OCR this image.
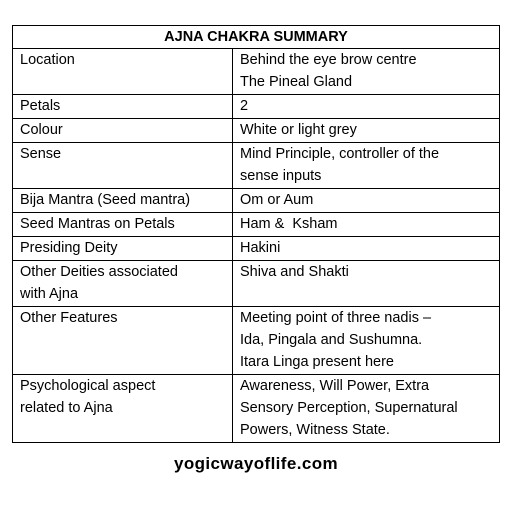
AJNA CHAKRA SUMMARY	

Location	Behind the eye brow centre
The Pineal Gland

Petals	2

Colour	White or light grey

Sense	Mind Principle, controller of the
sense inputs

Bija Mantra (Seed mantra)	Om or Aum

Seed Mantras on Petals	Ham &  Ksham

Presiding Deity	Hakini

Other Deities associated
with Ajna	Shiva and Shakti

Other Features	Meeting point of three nadis –
Ida, Pingala and Sushumna.
Itara Linga present here

Psychological aspect
related to Ajna	Awareness, Will Power, Extra
Sensory Perception, Supernatural
Powers, Witness State.
yogicwayoflife.com
